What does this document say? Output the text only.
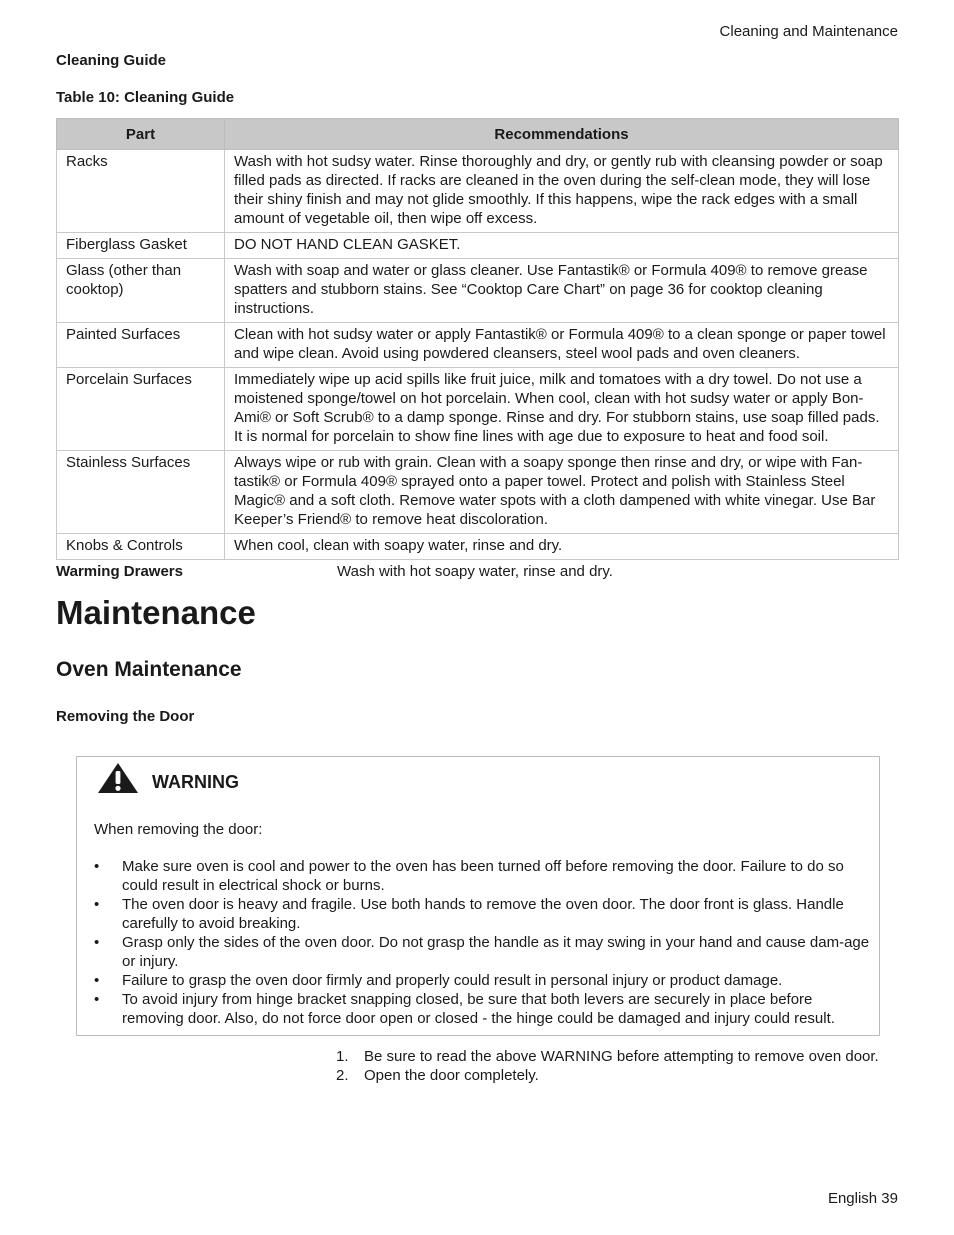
Cleaning and Maintenance
Cleaning Guide
Table 10: Cleaning Guide
Part	Recommendations
Racks	Wash with hot sudsy water. Rinse thoroughly and dry, or gently rub with cleansing powder or soap filled pads as directed. If racks are cleaned in the oven during the self-clean mode, they will lose their shiny finish and may not glide smoothly. If this happens, wipe the rack edges with a small amount of vegetable oil, then wipe off excess.
Fiberglass Gasket	DO NOT HAND CLEAN GASKET.
Glass (other than cooktop)	Wash with soap and water or glass cleaner. Use Fantastik® or Formula 409® to remove grease spatters and stubborn stains. See “Cooktop Care Chart” on page 36 for cooktop cleaning instructions.
Painted Surfaces	Clean with hot sudsy water or apply Fantastik® or Formula 409® to a clean sponge or paper towel and wipe clean. Avoid using powdered cleansers, steel wool pads and oven cleaners.
Porcelain Surfaces	Immediately wipe up acid spills like fruit juice, milk and tomatoes with a dry towel. Do not use a moistened sponge/towel on hot porcelain. When cool, clean with hot sudsy water or apply Bon-Ami® or Soft Scrub® to a damp sponge. Rinse and dry. For stubborn stains, use soap filled pads. It is normal for porcelain to show fine lines with age due to exposure to heat and food soil.
Stainless Surfaces	Always wipe or rub with grain. Clean with a soapy sponge then rinse and dry, or wipe with Fan-tastik® or Formula 409® sprayed onto a paper towel. Protect and polish with Stainless Steel Magic® and a soft cloth. Remove water spots with a cloth dampened with white vinegar. Use Bar Keeper’s Friend® to remove heat discoloration.
Knobs & Controls	When cool, clean with soapy water, rinse and dry.
Warming Drawers	Wash with hot soapy water, rinse and dry.
Maintenance
Oven Maintenance
Removing the Door
WARNING
When removing the door:
• Make sure oven is cool and power to the oven has been turned off before removing the door. Failure to do so could result in electrical shock or burns.
• The oven door is heavy and fragile. Use both hands to remove the oven door. The door front is glass. Handle carefully to avoid breaking.
• Grasp only the sides of the oven door. Do not grasp the handle as it may swing in your hand and cause dam-age or injury.
• Failure to grasp the oven door firmly and properly could result in personal injury or product damage.
• To avoid injury from hinge bracket snapping closed, be sure that both levers are securely in place before removing door. Also, do not force door open or closed - the hinge could be damaged and injury could result.
1. Be sure to read the above WARNING before attempting to remove oven door.
2. Open the door completely.
English 39
